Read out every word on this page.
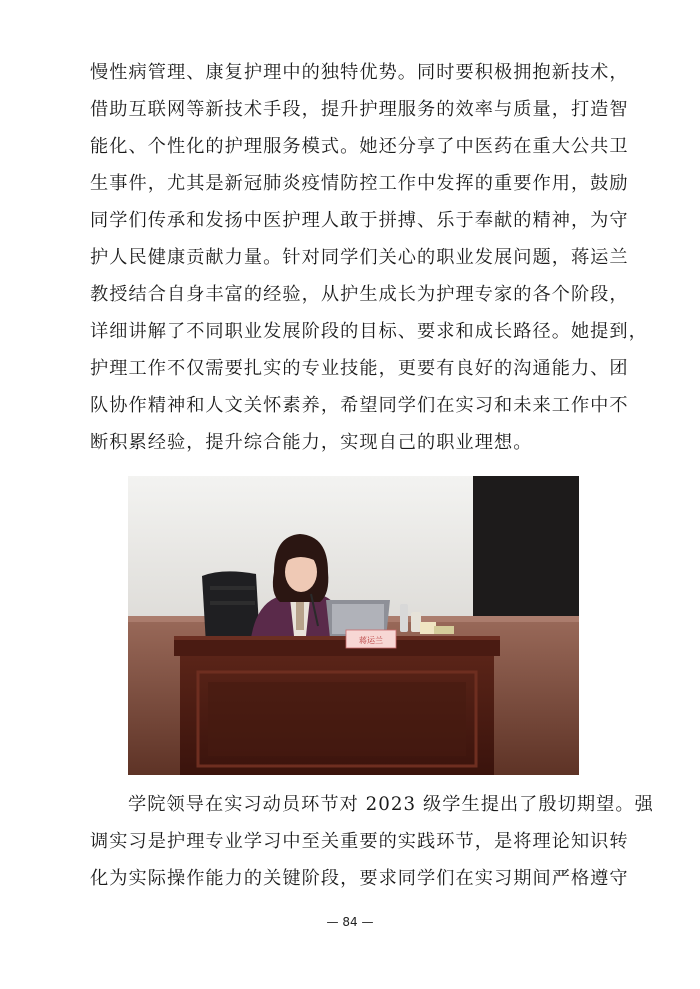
慢性病管理、康复护理中的独特优势。同时要积极拥抱新技术，
借助互联网等新技术手段，提升护理服务的效率与质量，打造智
能化、个性化的护理服务模式。她还分享了中医药在重大公共卫
生事件，尤其是新冠肺炎疫情防控工作中发挥的重要作用，鼓励
同学们传承和发扬中医护理人敢于拼搏、乐于奉献的精神，为守
护人民健康贡献力量。针对同学们关心的职业发展问题，蒋运兰
教授结合自身丰富的经验，从护生成长为护理专家的各个阶段，
详细讲解了不同职业发展阶段的目标、要求和成长路径。她提到，
护理工作不仅需要扎实的专业技能，更要有良好的沟通能力、团
队协作精神和人文关怀素养，希望同学们在实习和未来工作中不
断积累经验，提升综合能力，实现自己的职业理想。
蒋运兰
学院领导在实习动员环节对 2023 级学生提出了殷切期望。强
调实习是护理专业学习中至关重要的实践环节，是将理论知识转
化为实际操作能力的关键阶段，要求同学们在实习期间严格遵守
— 84 —
